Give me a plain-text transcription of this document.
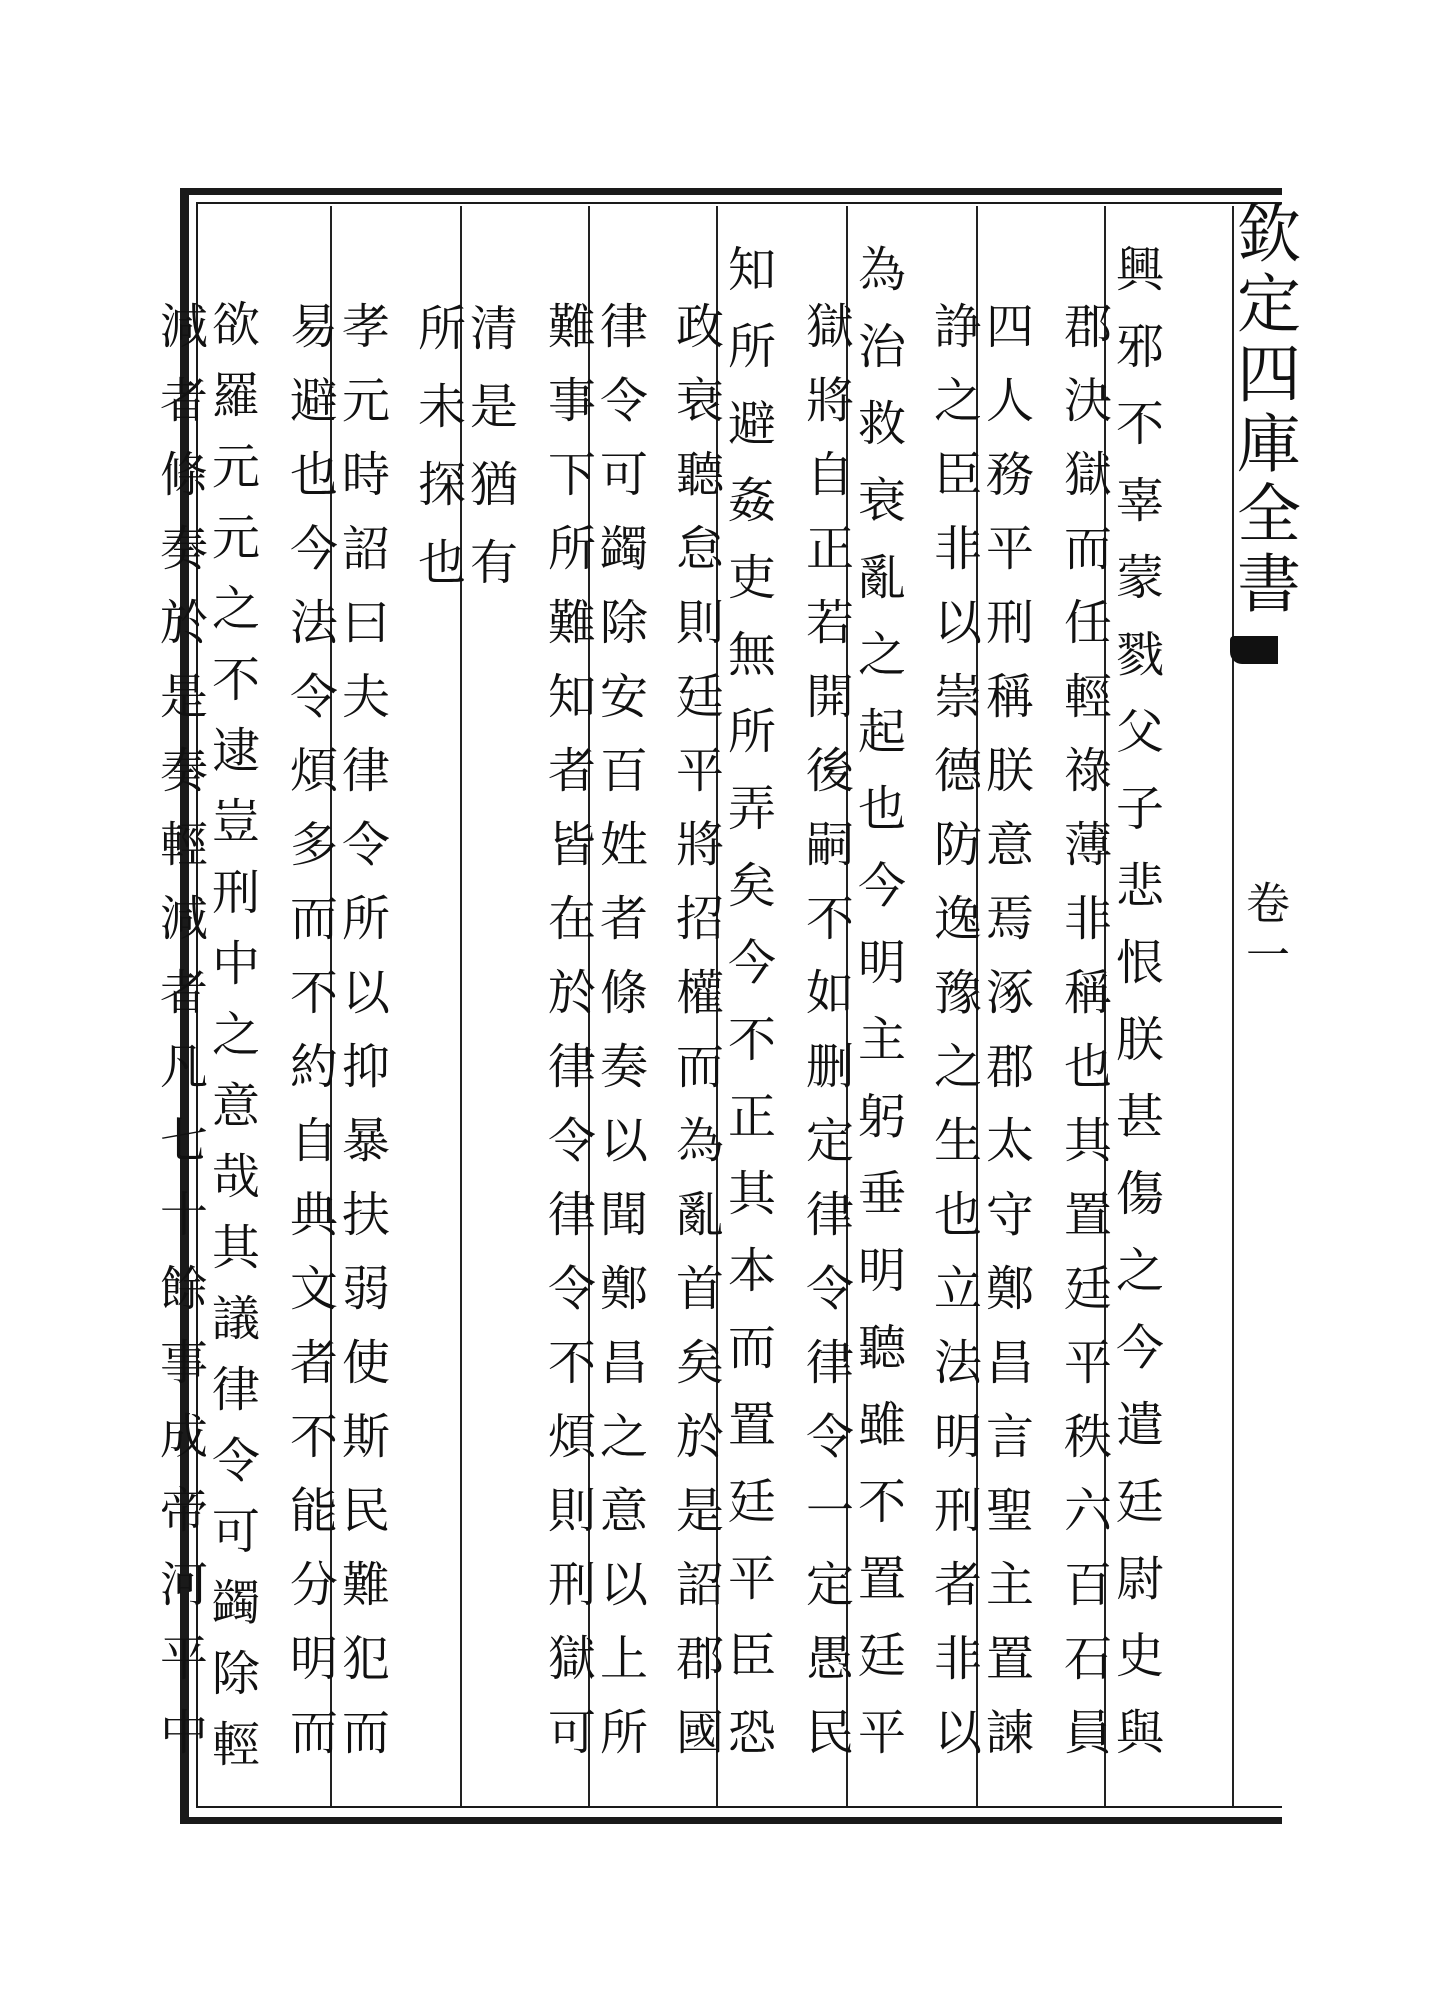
欽定四庫全書
卷一
興
邪
不
辜
蒙
戮
父
子
悲
恨
朕
甚
傷
之
今
遣
廷
尉
史
與
郡
決
獄
而
任
輕
祿
薄
非
稱
也
其
置
廷
平
秩
六
百
石
員
四
人
務
平
刑
稱
朕
意
焉
涿
郡
太
守
鄭
昌
言
聖
主
置
諫
諍
之
臣
非
以
崇
德
防
逸
豫
之
生
也
立
法
明
刑
者
非
以
為
治
救
衰
亂
之
起
也
今
明
主
躬
垂
明
聽
雖
不
置
廷
平
獄
將
自
正
若
開
後
嗣
不
如
删
定
律
令
律
令
一
定
愚
民
知
所
避
姦
吏
無
所
弄
矣
今
不
正
其
本
而
置
廷
平
臣
恐
政
衰
聽
怠
則
廷
平
將
招
權
而
為
亂
首
矣
於
是
詔
郡
國
律
令
可
蠲
除
安
百
姓
者
條
奏
以
聞
鄭
昌
之
意
以
上
所
難
事
下
所
難
知
者
皆
在
於
律
令
律
令
不
煩
則
刑
獄
可
清
是
猶
有
所
未
探
也
孝
元
時
詔
曰
夫
律
令
所
以
抑
暴
扶
弱
使
斯
民
難
犯
而
易
避
也
今
法
令
煩
多
而
不
約
自
典
文
者
不
能
分
明
而
欲
羅
元
元
之
不
逮
豈
刑
中
之
意
哉
其
議
律
令
可
蠲
除
輕
減
者
條
奏
於
是
奏
輕
減
者
凡
七
十
餘
事
成
帝
河
平
中
